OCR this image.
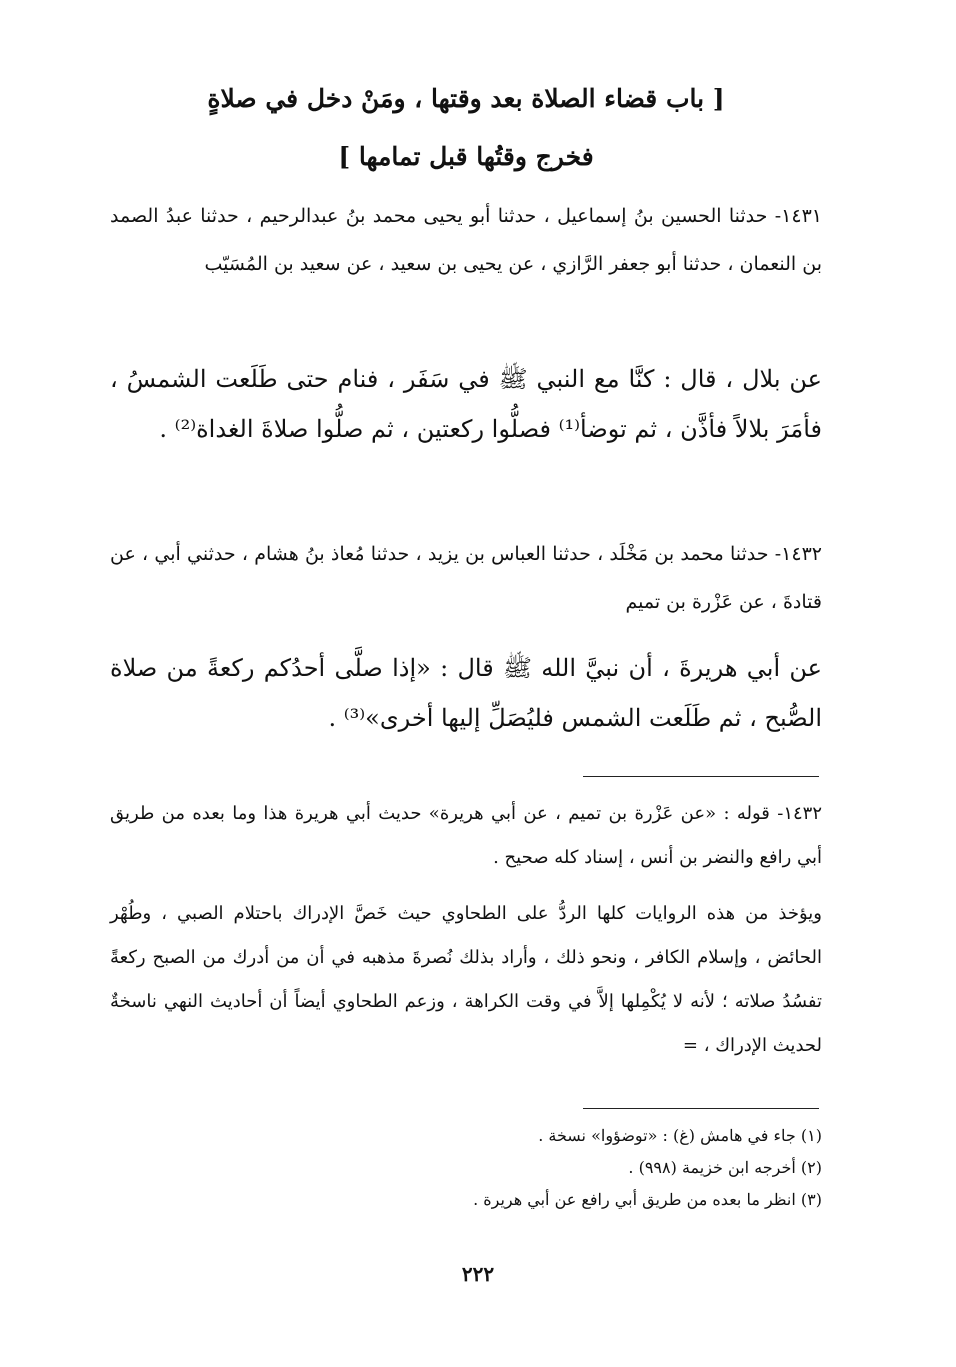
[ باب قضاء الصلاة بعد وقتها ، ومَنْ دخل في صلاةٍ
فخرج وقتُها قبل تمامها ]
١٤٣١- حدثنا الحسين بنُ إسماعيل ، حدثنا أبو يحيى محمد بنُ عبدالرحيم ، حدثنا عبدُ الصمد بن النعمان ، حدثنا أبو جعفر الرَّازي ، عن يحيى بن سعيد ، عن سعيد بن المُسَيّب
عن بلال ، قال : كنَّا مع النبي ﷺ في سَفَر ، فنام حتى طَلَعت الشمسُ ، فأمَرَ بلالاً فأذَّن ، ثم توضأ⁽¹⁾ فصلُّوا ركعتين ، ثم صلُّوا صلاةَ الغداة⁽²⁾ .
١٤٣٢- حدثنا محمد بن مَخْلَد ، حدثنا العباس بن يزيد ، حدثنا مُعاذ بنُ هشام ، حدثني أبي ، عن قتادةَ ، عن عَزْرة بن تميم
عن أبي هريرةَ ، أن نبيَّ الله ﷺ قال : «إذا صلَّى أحدُكم ركعةً من صلاة الصُّبح ، ثم طَلَعت الشمس فليُصَلِّ إليها أخرى»⁽³⁾ .
١٤٣٢- قوله : «عن عَزْرة بن تميم ، عن أبي هريرة» حديث أبي هريرة هذا وما بعده من طريق أبي رافع والنضر بن أنس ، إسناد كله صحيح .
ويؤخذ من هذه الروايات كلها الردُّ على الطحاوي حيث خَصَّ الإدراك باحتلام الصبي ، وطُهْر الحائض ، وإسلام الكافر ، ونحو ذلك ، وأراد بذلك نُصرةَ مذهبه في أن من أدرك من الصبح ركعةً تفسُدُ صلاته ؛ لأنه لا يُكْمِلها إلاَّ في وقت الكراهة ، وزعم الطحاوي أيضاً أن أحاديث النهي ناسخةٌ لحديث الإدراك ، =
(١) جاء في هامش (غ) : «توضؤوا» نسخة .
(٢) أخرجه ابن خزيمة (٩٩٨) .
(٣) انظر ما بعده من طريق أبي رافع عن أبي هريرة .
٢٢٢
